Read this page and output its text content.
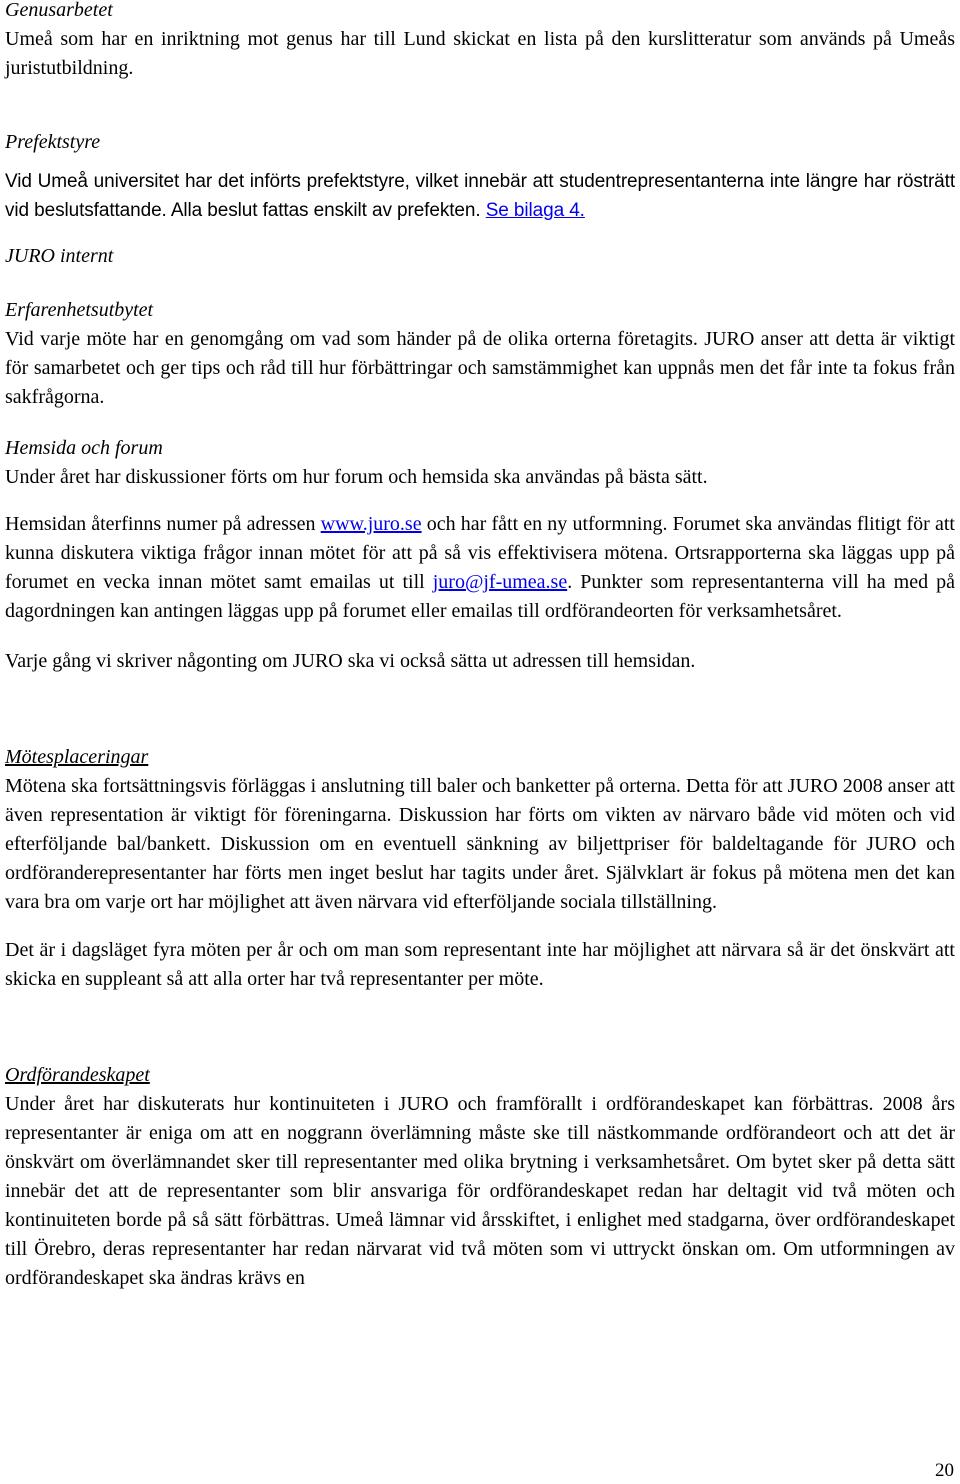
Genusarbetet

Umeå som har en inriktning mot genus har till Lund skickat en lista på den kurslitteratur som används på Umeås juristutbildning.

Prefektstyre

Vid Umeå universitet har det införts prefektstyre, vilket innebär att studentrepresentanterna inte längre har rösträtt vid beslutsfattande. Alla beslut fattas enskilt av prefekten. Se bilaga 4.

JURO internt

Erfarenhetsutbytet

Vid varje möte har en genomgång om vad som händer på de olika orterna företagits. JURO anser att detta är viktigt för samarbetet och ger tips och råd till hur förbättringar och samstämmighet kan uppnås men det får inte ta fokus från sakfrågorna.

Hemsida och forum

Under året har diskussioner förts om hur forum och hemsida ska användas på bästa sätt.

Hemsidan återfinns numer på adressen www.juro.se och har fått en ny utformning. Forumet ska användas flitigt för att kunna diskutera viktiga frågor innan mötet för att på så vis effektivisera mötena. Ortsrapporterna ska läggas upp på forumet en vecka innan mötet samt emailas ut till juro@jf-umea.se. Punkter som representanterna vill ha med på dagordningen kan antingen läggas upp på forumet eller emailas till ordförandeorten för verksamhetsåret.

Varje gång vi skriver någonting om JURO ska vi också sätta ut adressen till hemsidan.

Mötesplaceringar

Mötena ska fortsättningsvis förläggas i anslutning till baler och banketter på orterna. Detta för att JURO 2008 anser att även representation är viktigt för föreningarna. Diskussion har förts om vikten av närvaro både vid möten och vid efterföljande bal/bankett. Diskussion om en eventuell sänkning av biljettpriser för baldeltagande för JURO och ordföranderepresentanter har förts men inget beslut har tagits under året. Självklart är fokus på mötena men det kan vara bra om varje ort har möjlighet att även närvara vid efterföljande sociala tillställning.

Det är i dagsläget fyra möten per år och om man som representant inte har möjlighet att närvara så är det önskvärt att skicka en suppleant så att alla orter har två representanter per möte.

Ordförandeskapet

Under året har diskuterats hur kontinuiteten i JURO och framförallt i ordförandeskapet kan förbättras. 2008 års representanter är eniga om att en noggrann överlämning måste ske till nästkommande ordförandeort och att det är önskvärt om överlämnandet sker till representanter med olika brytning i verksamhetsåret. Om bytet sker på detta sätt innebär det att de representanter som blir ansvariga för ordförandeskapet redan har deltagit vid två möten och kontinuiteten borde på så sätt förbättras. Umeå lämnar vid årsskiftet, i enlighet med stadgarna, över ordförandeskapet till Örebro, deras representanter har redan närvarat vid två möten som vi uttryckt önskan om. Om utformningen av ordförandeskapet ska ändras krävs en

20
